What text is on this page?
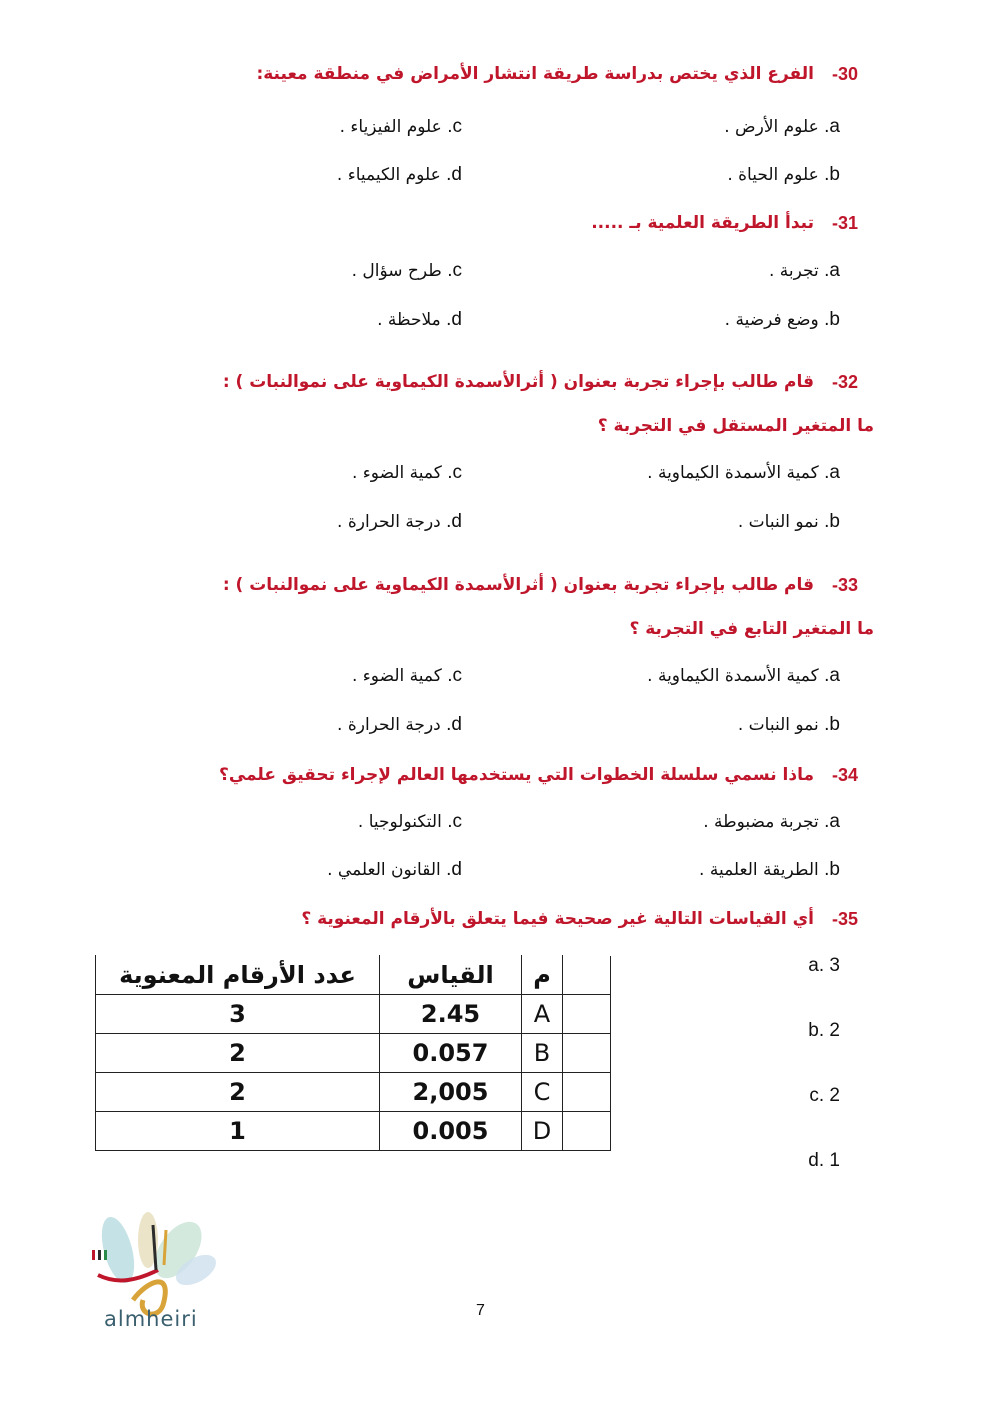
-30
الفرع الذي يختص بدراسة طريقة انتشار الأمراض في منطقة معينة:
a. علوم الأرض .
b. علوم الحياة .
c. علوم الفيزياء .
d. علوم الكيمياء .
-31
تبدأ الطريقة العلمية بـ .....
a. تجربة .
b. وضع فرضية .
c. طرح سؤال .
d. ملاحظة .
-32
قام طالب بإجراء تجربة بعنوان ( أثرالأسمدة الكيماوية على نموالنبات ) :
ما المتغير المستقل في التجربة ؟
a. كمية الأسمدة الكيماوية .
b. نمو النبات .
c. كمية الضوء .
d. درجة الحرارة .
-33
قام طالب بإجراء تجربة بعنوان ( أثرالأسمدة الكيماوية على نموالنبات ) :
ما المتغير التابع في التجربة ؟
a. كمية الأسمدة الكيماوية .
b. نمو النبات .
c. كمية الضوء .
d. درجة الحرارة .
-34
ماذا نسمي سلسلة الخطوات التي يستخدمها العالم لإجراء تحقيق علمي؟
a. تجربة مضبوطة .
b. الطريقة العلمية .
c. التكنولوجيا .
d. القانون العلمي .
-35
أي القياسات التالية غير صحيحة فيما يتعلق بالأرقام المعنوية ؟
a. 3
b. 2
c. 2
d. 1
	م	القياس	عدد الأرقام المعنوية
	A	2.45	3
	B	0.057	2
	C	2,005	2
	D	0.005	1
almheiri	7
